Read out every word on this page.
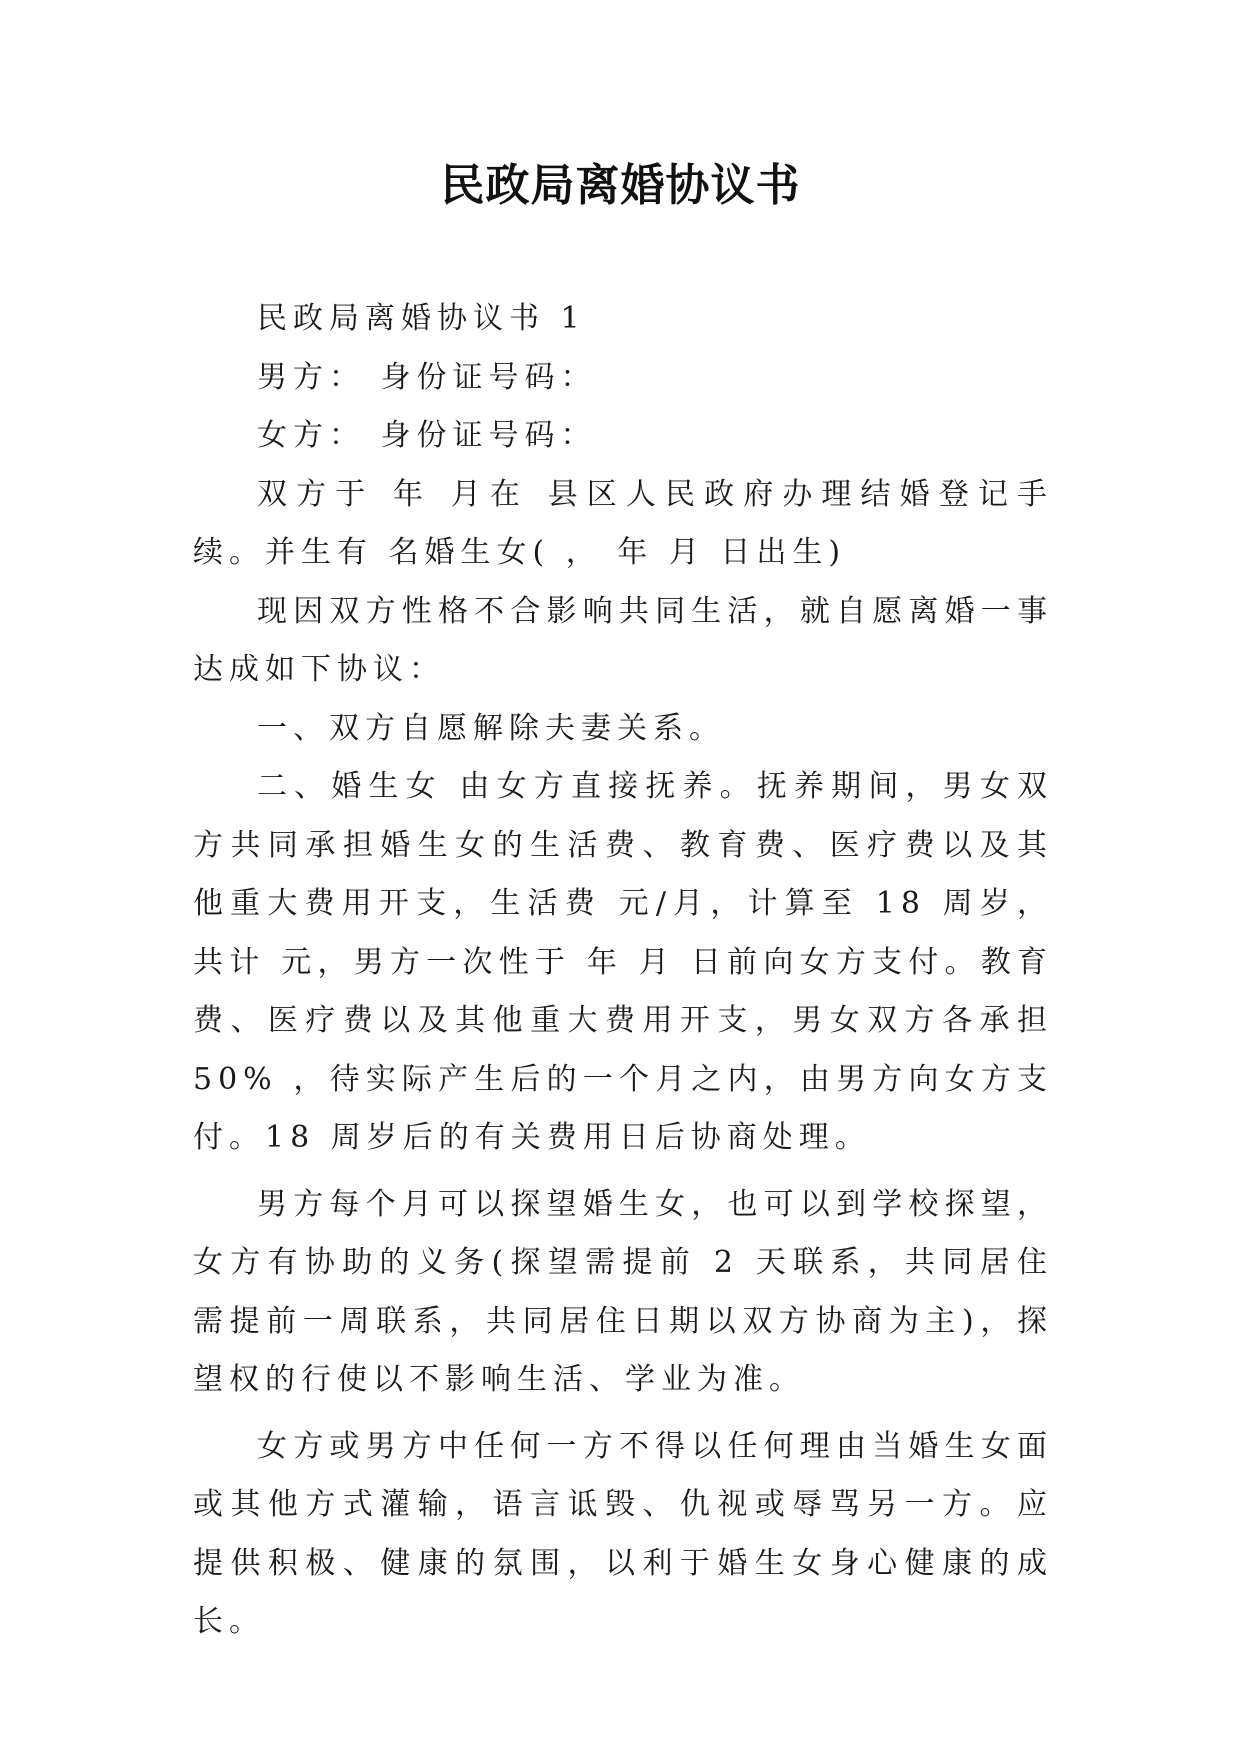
民政局离婚协议书

民政局离婚协议书 1

男方： 身份证号码：

女方： 身份证号码：

双方于 年 月在 县区人民政府办理结婚登记手续。并生有 名婚生女( ， 年 月 日出生)

现因双方性格不合影响共同生活，就自愿离婚一事达成如下协议：

一、双方自愿解除夫妻关系。

二、婚生女 由女方直接抚养。抚养期间，男女双方共同承担婚生女的生活费、教育费、医疗费以及其他重大费用开支，生活费 元/月，计算至 18 周岁，共计 元，男方一次性于 年 月 日前向女方支付。教育费、医疗费以及其他重大费用开支，男女双方各承担 50% ，待实际产生后的一个月之内，由男方向女方支付。18 周岁后的有关费用日后协商处理。

男方每个月可以探望婚生女，也可以到学校探望，女方有协助的义务(探望需提前 2 天联系，共同居住需提前一周联系，共同居住日期以双方协商为主)，探望权的行使以不影响生活、学业为准。

女方或男方中任何一方不得以任何理由当婚生女面或其他方式灌输，语言诋毁、仇视或辱骂另一方。应提供积极、健康的氛围，以利于婚生女身心健康的成长。
